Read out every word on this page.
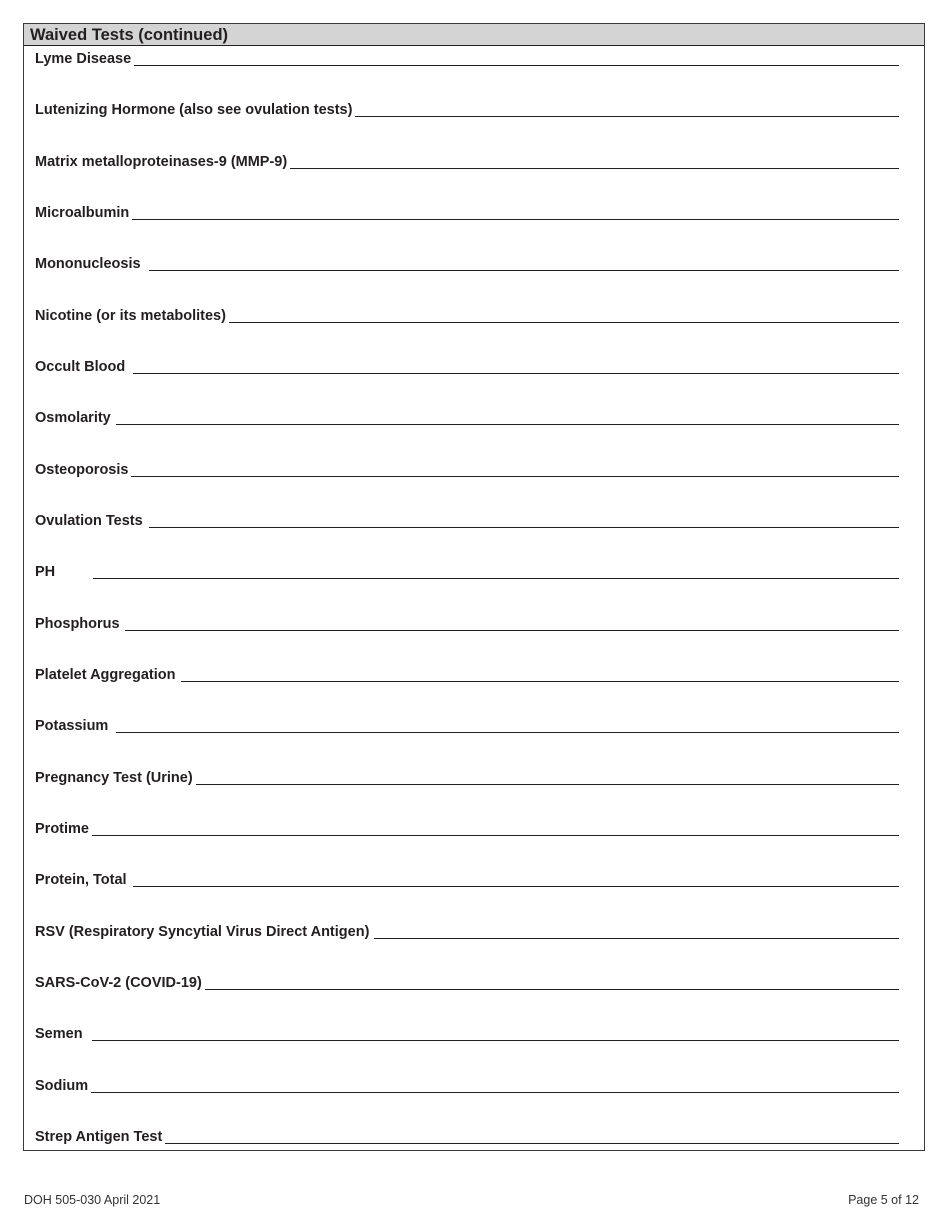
Waived Tests (continued)
Lyme Disease
Lutenizing Hormone (also see ovulation tests)
Matrix metalloproteinases-9 (MMP-9)
Microalbumin
Mononucleosis
Nicotine (or its metabolites)
Occult Blood
Osmolarity
Osteoporosis
Ovulation Tests
PH
Phosphorus
Platelet Aggregation
Potassium
Pregnancy Test (Urine)
Protime
Protein, Total
RSV (Respiratory Syncytial Virus Direct Antigen)
SARS-CoV-2 (COVID-19)
Semen
Sodium
Strep Antigen Test
DOH 505-030 April 2021	Page 5 of 12
